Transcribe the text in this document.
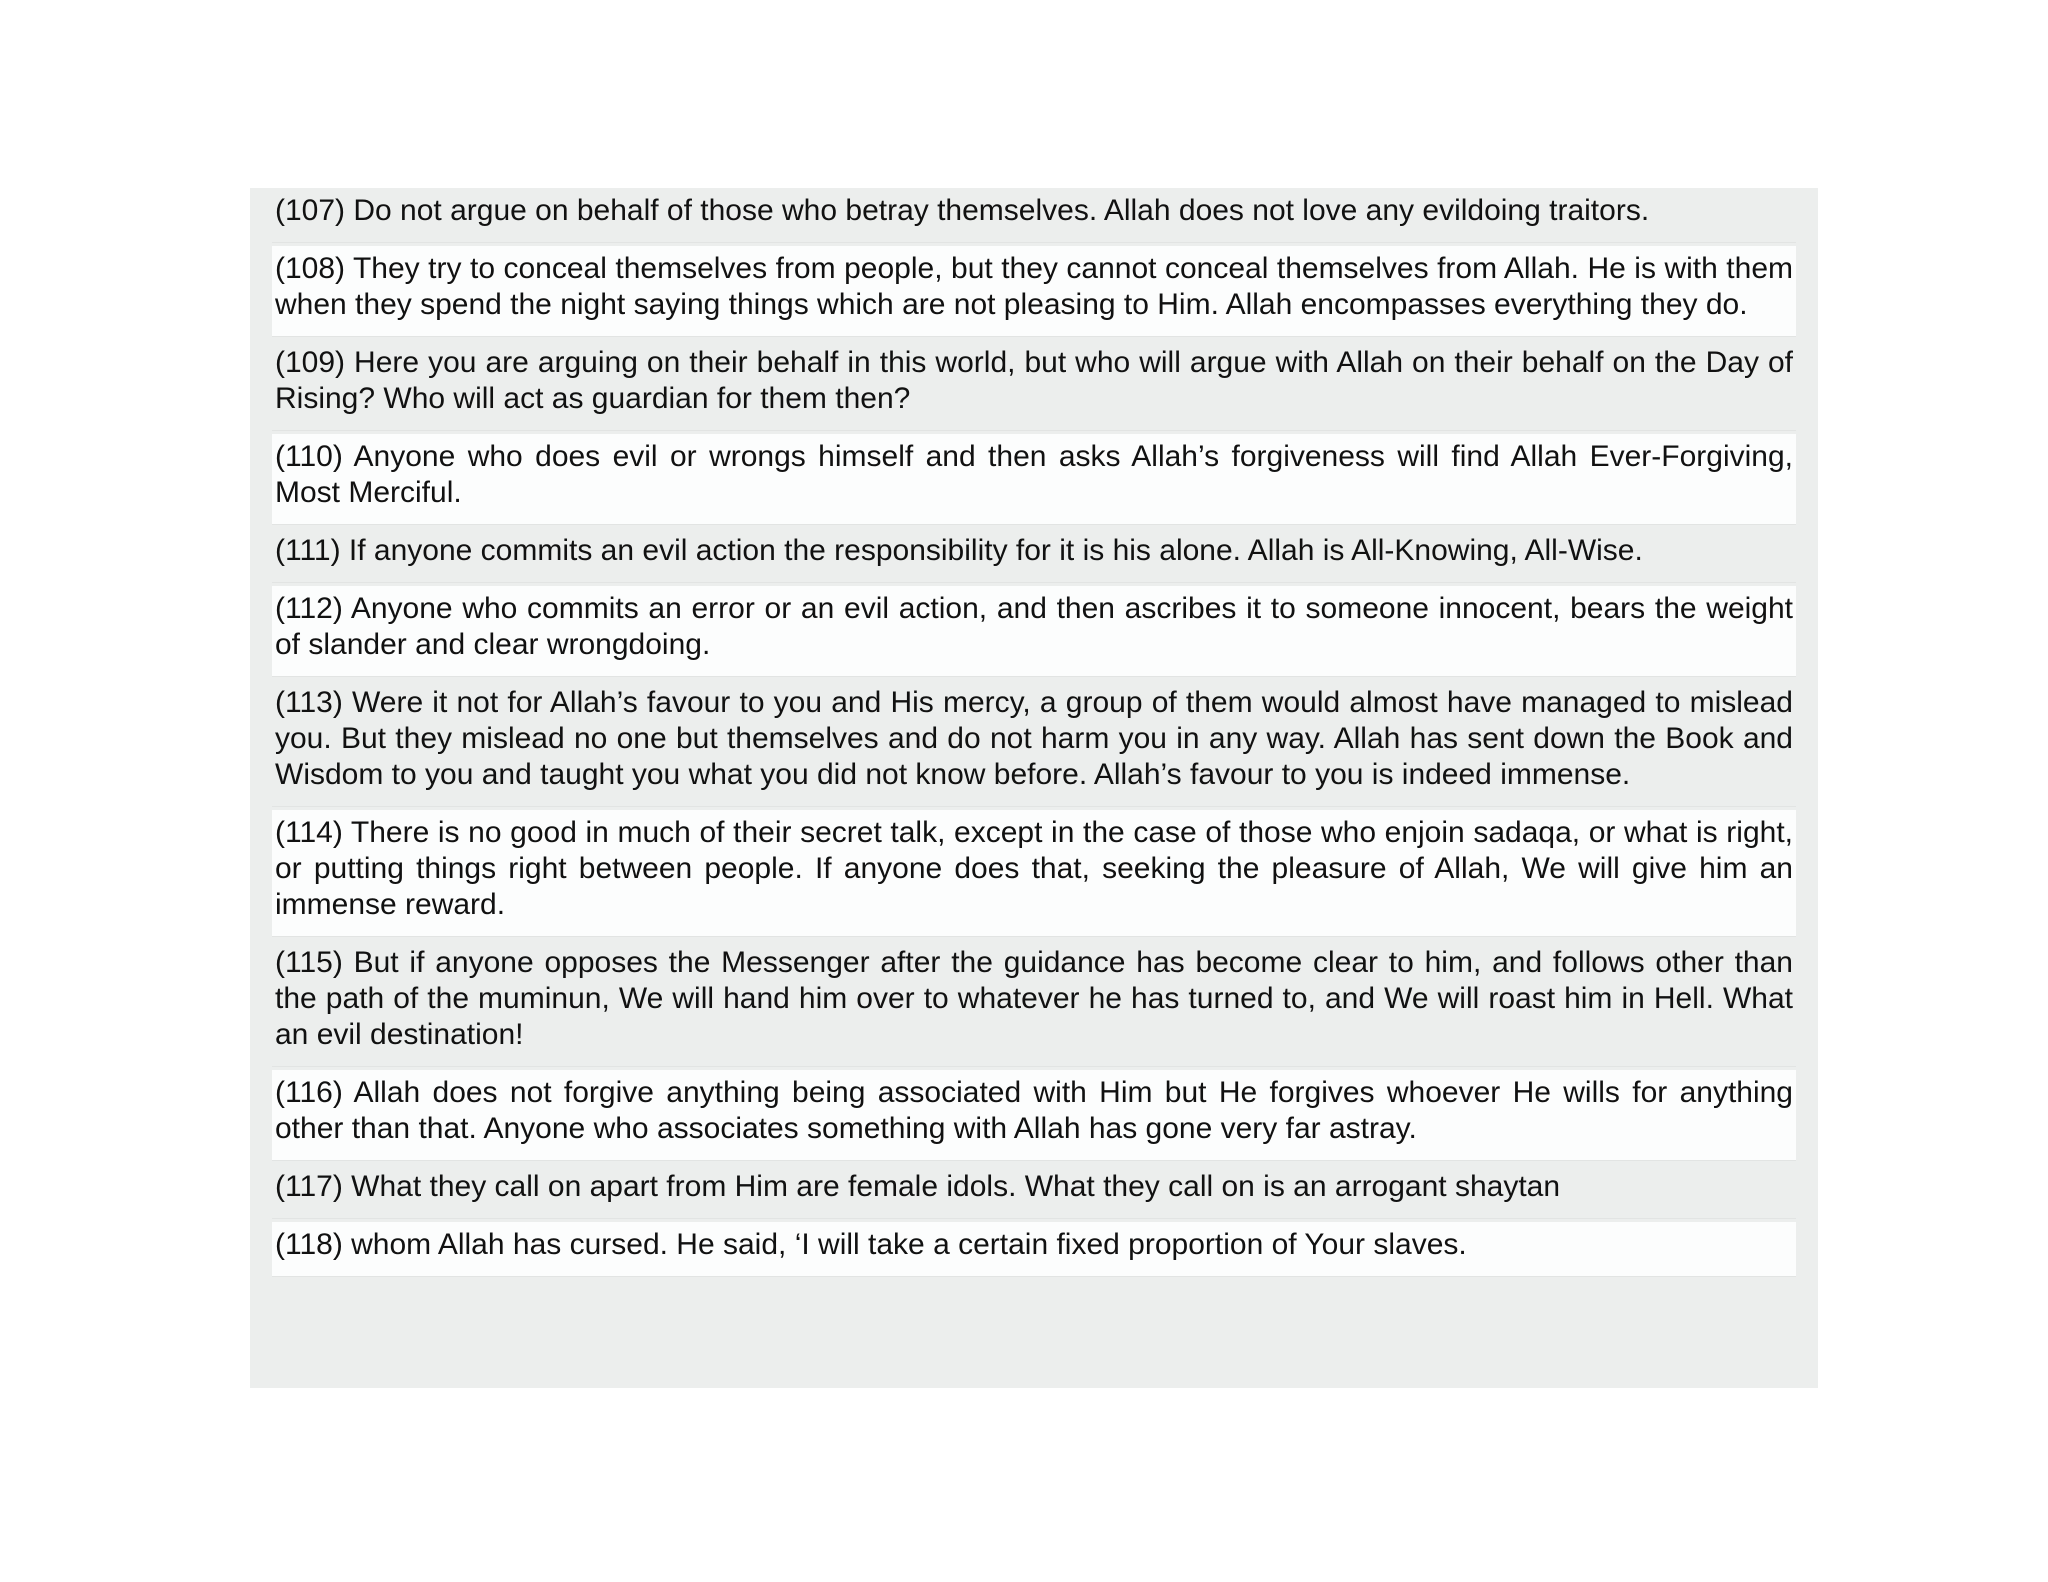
(107) Do not argue on behalf of those who betray themselves. Allah does not love any evildoing traitors.
(108) They try to conceal themselves from people, but they cannot conceal themselves from Allah. He is with them when they spend the night saying things which are not pleasing to Him. Allah encompasses everything they do.
(109) Here you are arguing on their behalf in this world, but who will argue with Allah on their behalf on the Day of Rising? Who will act as guardian for them then?
(110) Anyone who does evil or wrongs himself and then asks Allah’s forgiveness will find Allah Ever-Forgiving, Most Merciful.
(111) If anyone commits an evil action the responsibility for it is his alone. Allah is All-Knowing, All-Wise.
(112) Anyone who commits an error or an evil action, and then ascribes it to someone innocent, bears the weight of slander and clear wrongdoing.
(113) Were it not for Allah’s favour to you and His mercy, a group of them would almost have managed to mislead you. But they mislead no one but themselves and do not harm you in any way. Allah has sent down the Book and Wisdom to you and taught you what you did not know before. Allah’s favour to you is indeed immense.
(114) There is no good in much of their secret talk, except in the case of those who enjoin sadaqa, or what is right, or putting things right between people. If anyone does that, seeking the pleasure of Allah, We will give him an immense reward.
(115) But if anyone opposes the Messenger after the guidance has become clear to him, and follows other than the path of the muminun, We will hand him over to whatever he has turned to, and We will roast him in Hell. What an evil destination!
(116) Allah does not forgive anything being associated with Him but He forgives whoever He wills for anything other than that. Anyone who associates something with Allah has gone very far astray.
(117) What they call on apart from Him are female idols. What they call on is an arrogant shaytan
(118) whom Allah has cursed. He said, ‘I will take a certain fixed proportion of Your slaves.
